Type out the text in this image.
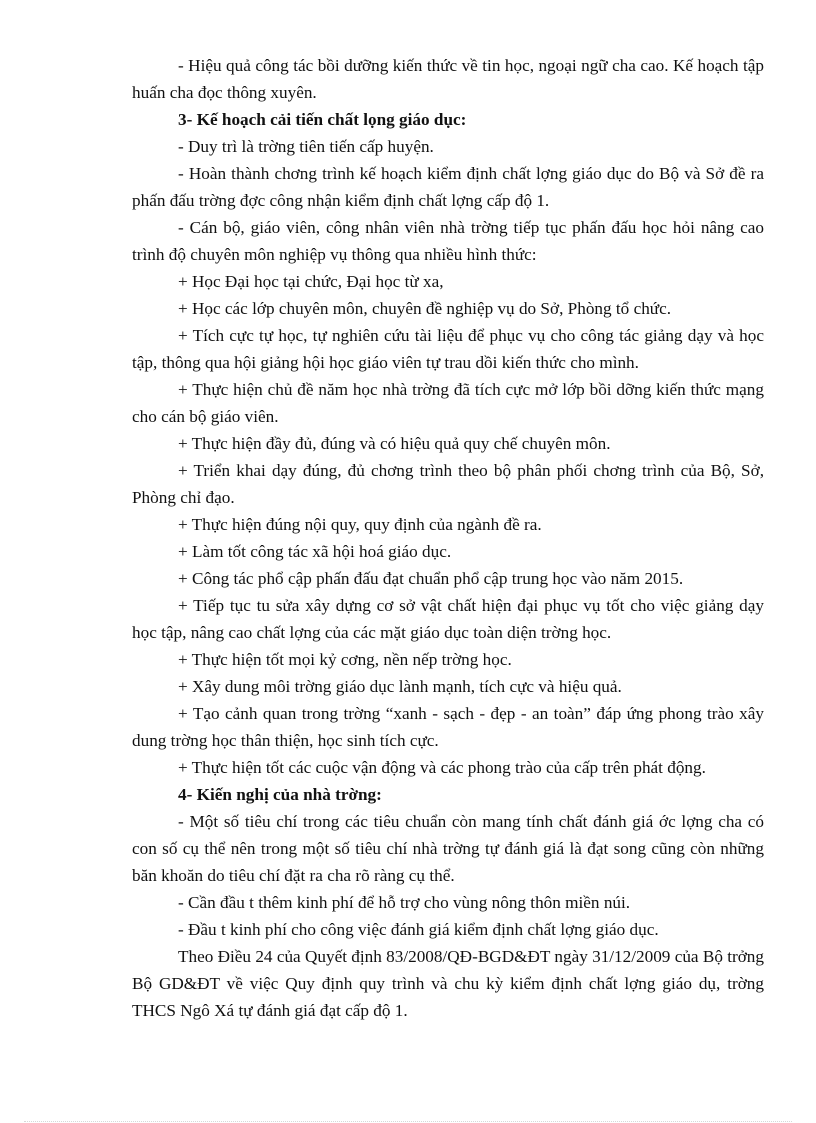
- Hiệu quả công tác bồi dưỡng kiến thức về tin học, ngoại ngữ cha cao. Kế hoạch tập huấn cha đọc thông xuyên.

3- Kế hoạch cải tiến chất lọng giáo dục:

- Duy trì là trờng tiên tiến cấp huyện.

- Hoàn thành chơng trình kế hoạch kiểm định chất lợng giáo dục do Bộ và Sở đề ra phấn đấu trờng đợc công nhận kiểm định chất lợng cấp độ 1.

- Cán bộ, giáo viên, công nhân viên nhà trờng tiếp tục phấn đấu học hỏi nâng cao trình độ chuyên môn nghiệp vụ thông qua nhiều hình thức:

+ Học Đại học tại chức, Đại học từ xa,

+ Học các lớp chuyên môn, chuyên đề nghiệp vụ do Sở, Phòng tổ chức.

+ Tích cực tự học, tự nghiên cứu tài liệu để phục vụ cho công tác giảng dạy và học tập, thông qua hội giảng hội học giáo viên tự trau dồi kiến thức cho mình.

+ Thực hiện chủ đề năm học nhà trờng đã tích cực mở lớp bồi dỡng kiến thức mạng cho cán bộ giáo viên.

+ Thực hiện đầy đủ, đúng và có hiệu quả quy chế chuyên môn.

+ Triển khai dạy đúng, đủ chơng trình theo bộ phân phối chơng trình của Bộ, Sở, Phòng chỉ đạo.

+ Thực hiện đúng nội quy, quy định của ngành đề ra.

+ Làm tốt công tác xã hội hoá giáo dục.

+ Công tác phổ cập phấn đấu đạt chuẩn phổ cập trung học vào năm 2015.

+ Tiếp tục tu sửa xây dựng cơ sở vật chất hiện đại phục vụ tốt cho việc giảng dạy học tập, nâng cao chất lợng của các mặt giáo dục toàn diện trờng học.

+ Thực hiện tốt mọi kỷ cơng, nền nếp trờng học.

+ Xây dung môi trờng giáo dục lành mạnh, tích cực và hiệu quả.

+ Tạo cảnh quan trong trờng “xanh - sạch - đẹp - an toàn” đáp ứng phong trào xây dung trờng học thân thiện, học sinh tích cực.

+ Thực hiện tốt các cuộc vận động và các phong trào của cấp trên phát động.

4- Kiến nghị của nhà trờng:

- Một số tiêu chí trong các tiêu chuẩn còn mang tính chất đánh giá ớc lợng cha có con số cụ thể nên trong một số tiêu chí nhà trờng tự đánh giá là đạt song cũng còn những băn khoăn do tiêu chí đặt ra cha rõ ràng cụ thể.

- Cần đầu t thêm kinh phí để hỗ trợ cho vùng nông thôn miền núi.

- Đầu t kinh phí cho công việc đánh giá kiểm định chất lợng giáo dục.

Theo Điều 24 của Quyết định 83/2008/QĐ-BGD&ĐT ngày 31/12/2009 của Bộ trởng Bộ GD&ĐT về việc Quy định quy trình và chu kỳ kiểm định chất lợng giáo dụ, trờng THCS Ngô Xá tự đánh giá đạt cấp độ 1.
